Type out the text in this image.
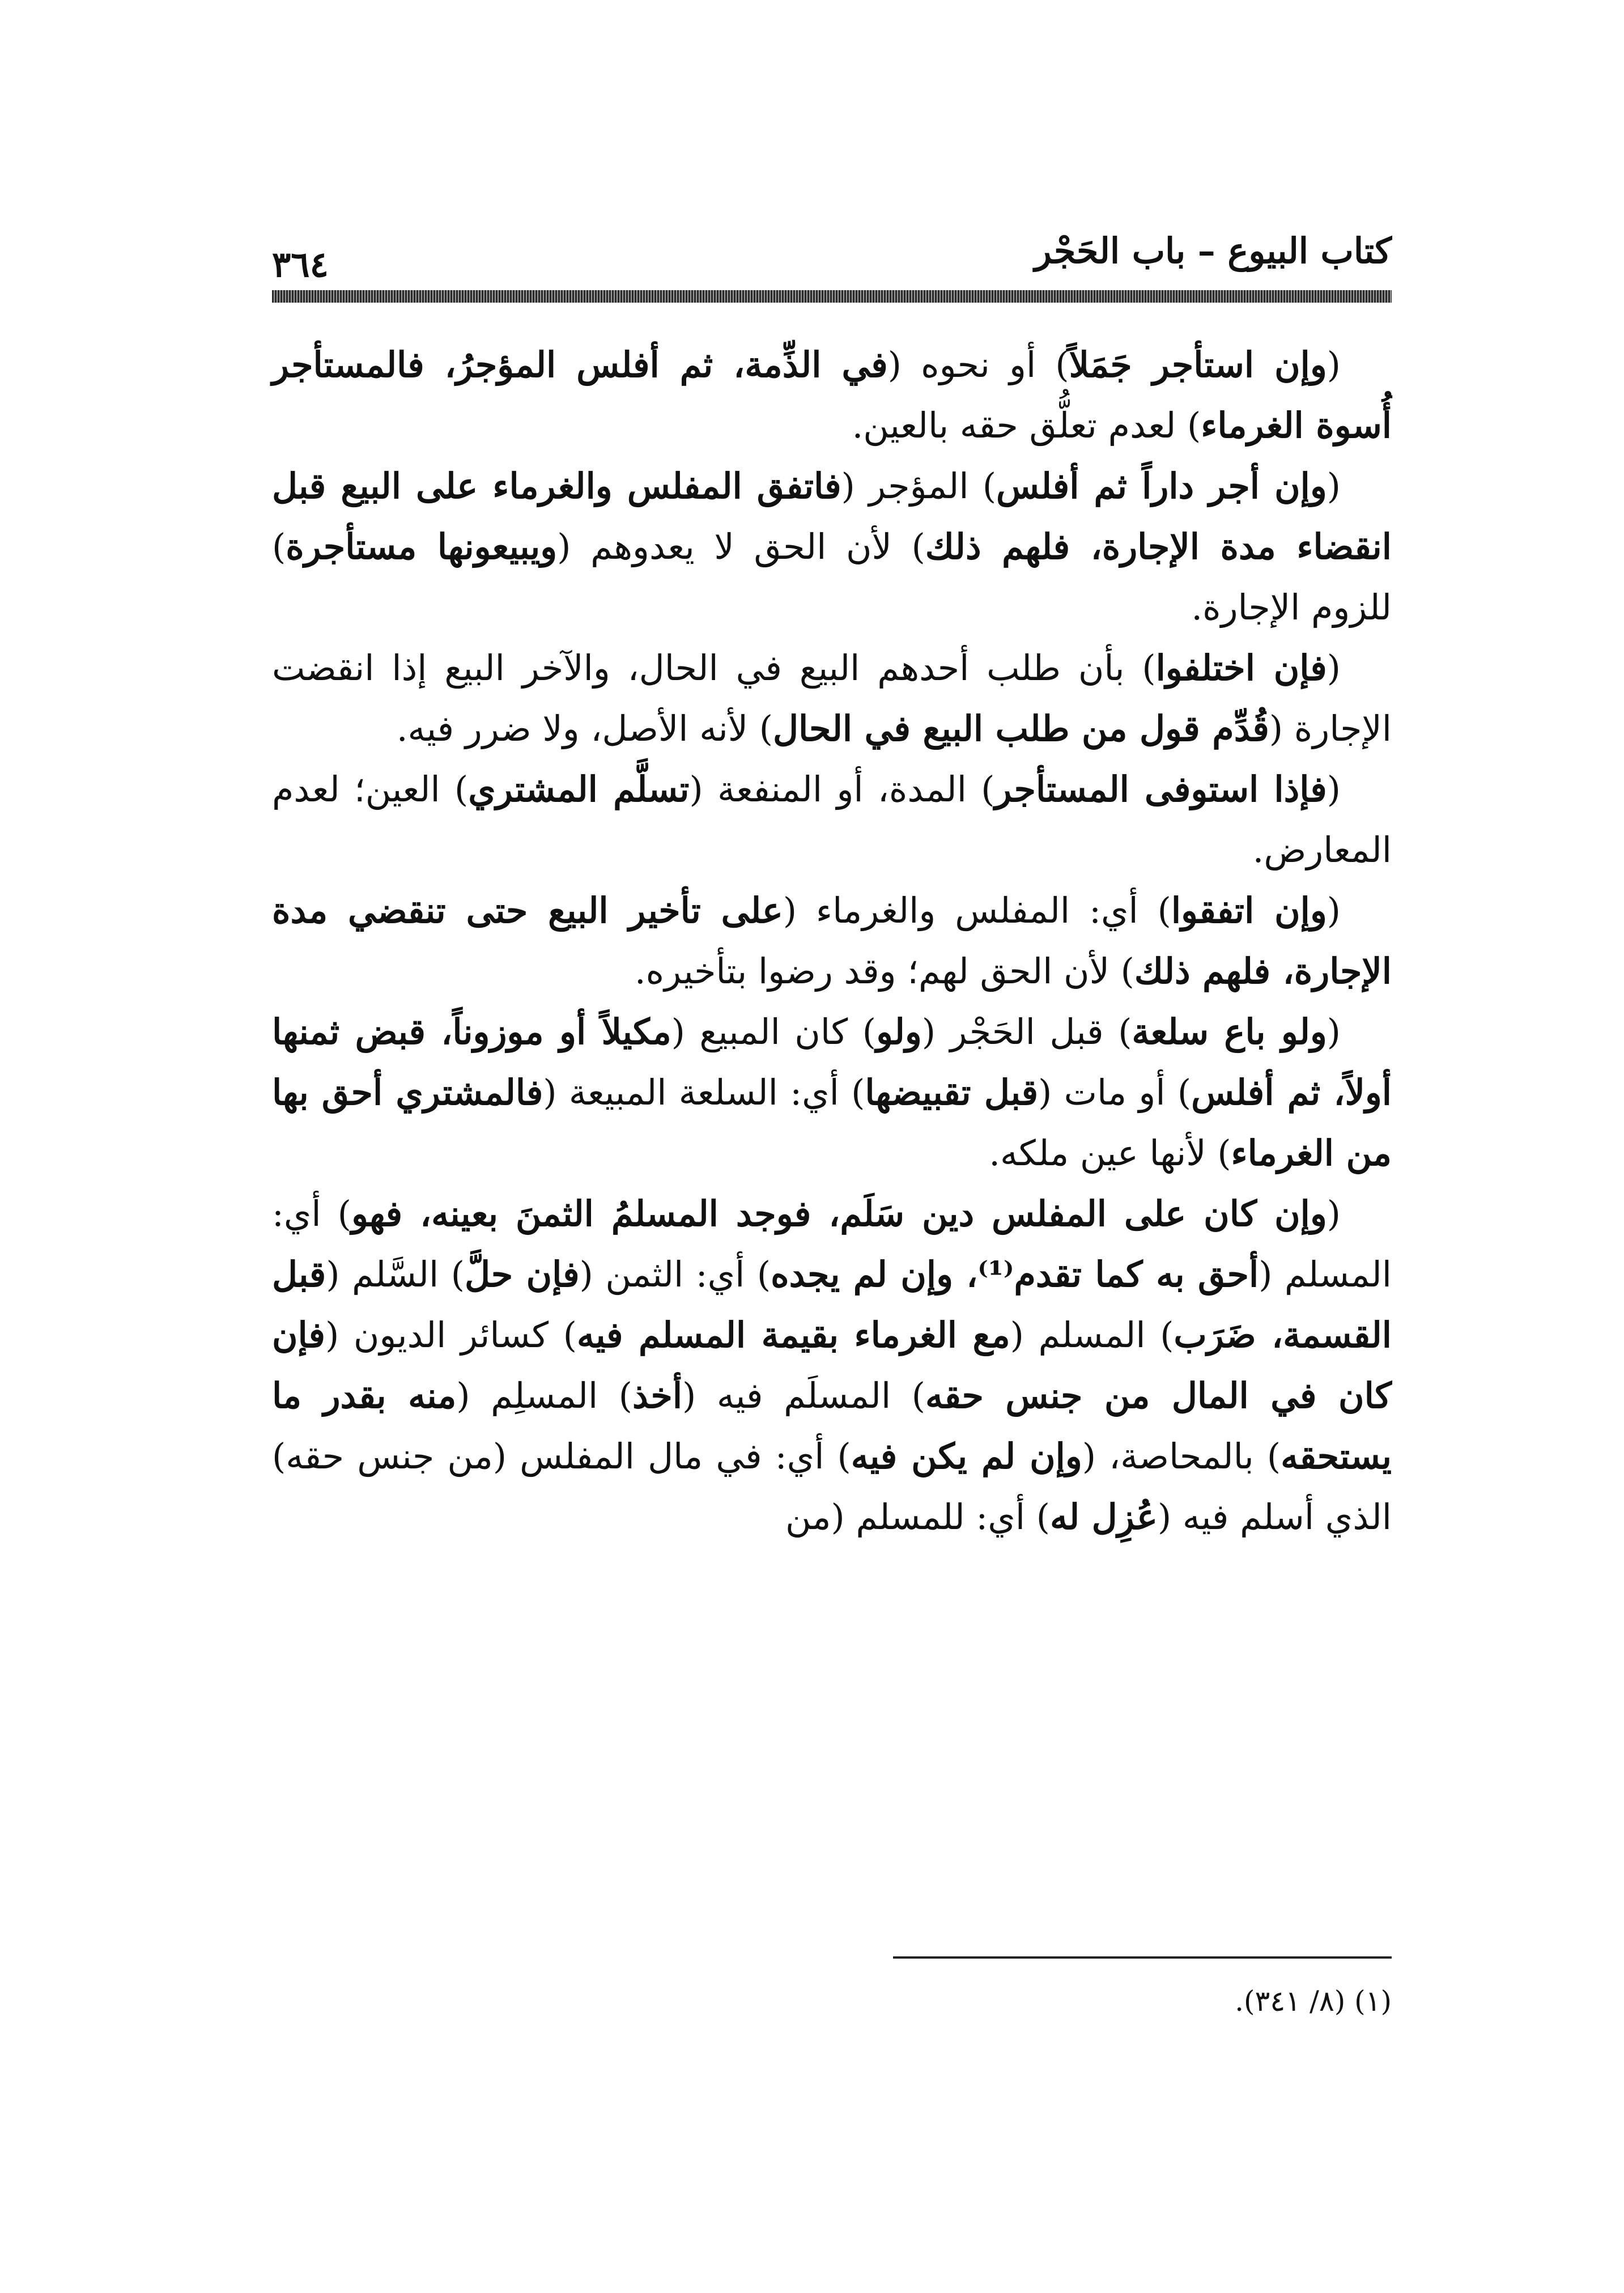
كتاب البيوع – باب الحَجْر
٣٦٤

(وإن استأجر جَمَلاً) أو نحوه (في الذِّمة، ثم أفلس المؤجرُ، فالمستأجر أُسوة الغرماء) لعدم تعلُّق حقه بالعين.

(وإن أجر داراً ثم أفلس) المؤجر (فاتفق المفلس والغرماء على البيع قبل انقضاء مدة الإجارة، فلهم ذلك) لأن الحق لا يعدوهم (ويبيعونها مستأجرة) للزوم الإجارة.

(فإن اختلفوا) بأن طلب أحدهم البيع في الحال، والآخر البيع إذا انقضت الإجارة (قُدِّم قول من طلب البيع في الحال) لأنه الأصل، ولا ضرر فيه.

(فإذا استوفى المستأجر) المدة، أو المنفعة (تسلَّم المشتري) العين؛ لعدم المعارض.

(وإن اتفقوا) أي: المفلس والغرماء (على تأخير البيع حتى تنقضي مدة الإجارة، فلهم ذلك) لأن الحق لهم؛ وقد رضوا بتأخيره.

(ولو باع سلعة) قبل الحَجْر (ولو) كان المبيع (مكيلاً أو موزوناً، قبض ثمنها أولاً، ثم أفلس) أو مات (قبل تقبيضها) أي: السلعة المبيعة (فالمشتري أحق بها من الغرماء) لأنها عين ملكه.

(وإن كان على المفلس دين سَلَم، فوجد المسلمُ الثمنَ بعينه، فهو) أي: المسلم (أحق به كما تقدم⁽¹⁾، وإن لم يجده) أي: الثمن (فإن حلَّ) السَّلم (قبل القسمة، ضَرَب) المسلم (مع الغرماء بقيمة المسلم فيه) كسائر الديون (فإن كان في المال من جنس حقه) المسلَم فيه (أخذ) المسلِم (منه بقدر ما يستحقه) بالمحاصة، (وإن لم يكن فيه) أي: في مال المفلس (من جنس حقه) الذي أسلم فيه (عُزِل له) أي: للمسلم (من

(١) (٨/ ٣٤١).
